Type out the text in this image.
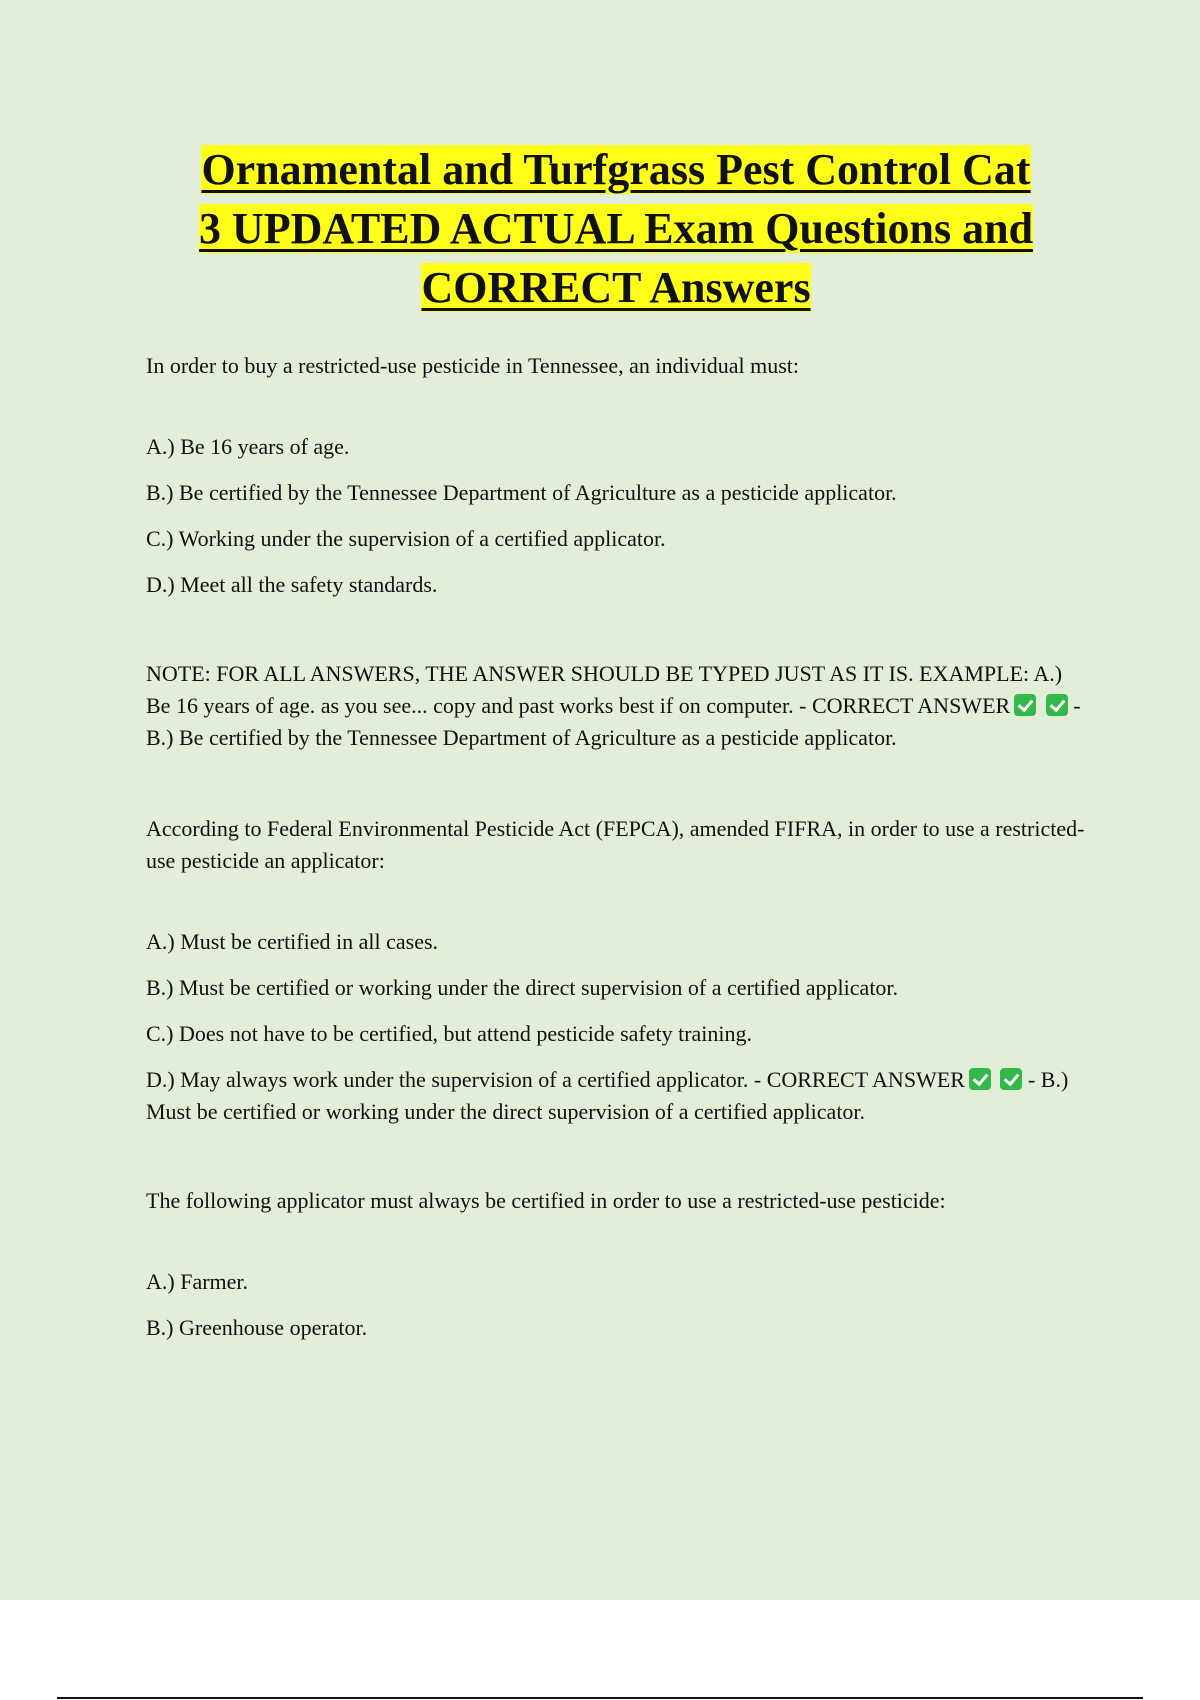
Ornamental and Turfgrass Pest Control Cat
3 UPDATED ACTUAL Exam Questions and
CORRECT Answers

In order to buy a restricted-use pesticide in Tennessee, an individual must:

A.) Be 16 years of age.

B.) Be certified by the Tennessee Department of Agriculture as a pesticide applicator.

C.) Working under the supervision of a certified applicator.

D.) Meet all the safety standards.

NOTE: FOR ALL ANSWERS, THE ANSWER SHOULD BE TYPED JUST AS IT IS. EXAMPLE: A.) Be 16 years of age. as you see... copy and past works best if on computer. - CORRECT ANSWER	- B.) Be certified by the Tennessee Department of Agriculture as a pesticide applicator.

According to Federal Environmental Pesticide Act (FEPCA), amended FIFRA, in order to use a restricted-use pesticide an applicator:

A.) Must be certified in all cases.

B.) Must be certified or working under the direct supervision of a certified applicator.

C.) Does not have to be certified, but attend pesticide safety training.

D.) May always work under the supervision of a certified applicator. - CORRECT ANSWER	- B.) Must be certified or working under the direct supervision of a certified applicator.

The following applicator must always be certified in order to use a restricted-use pesticide:

A.) Farmer.

B.) Greenhouse operator.
